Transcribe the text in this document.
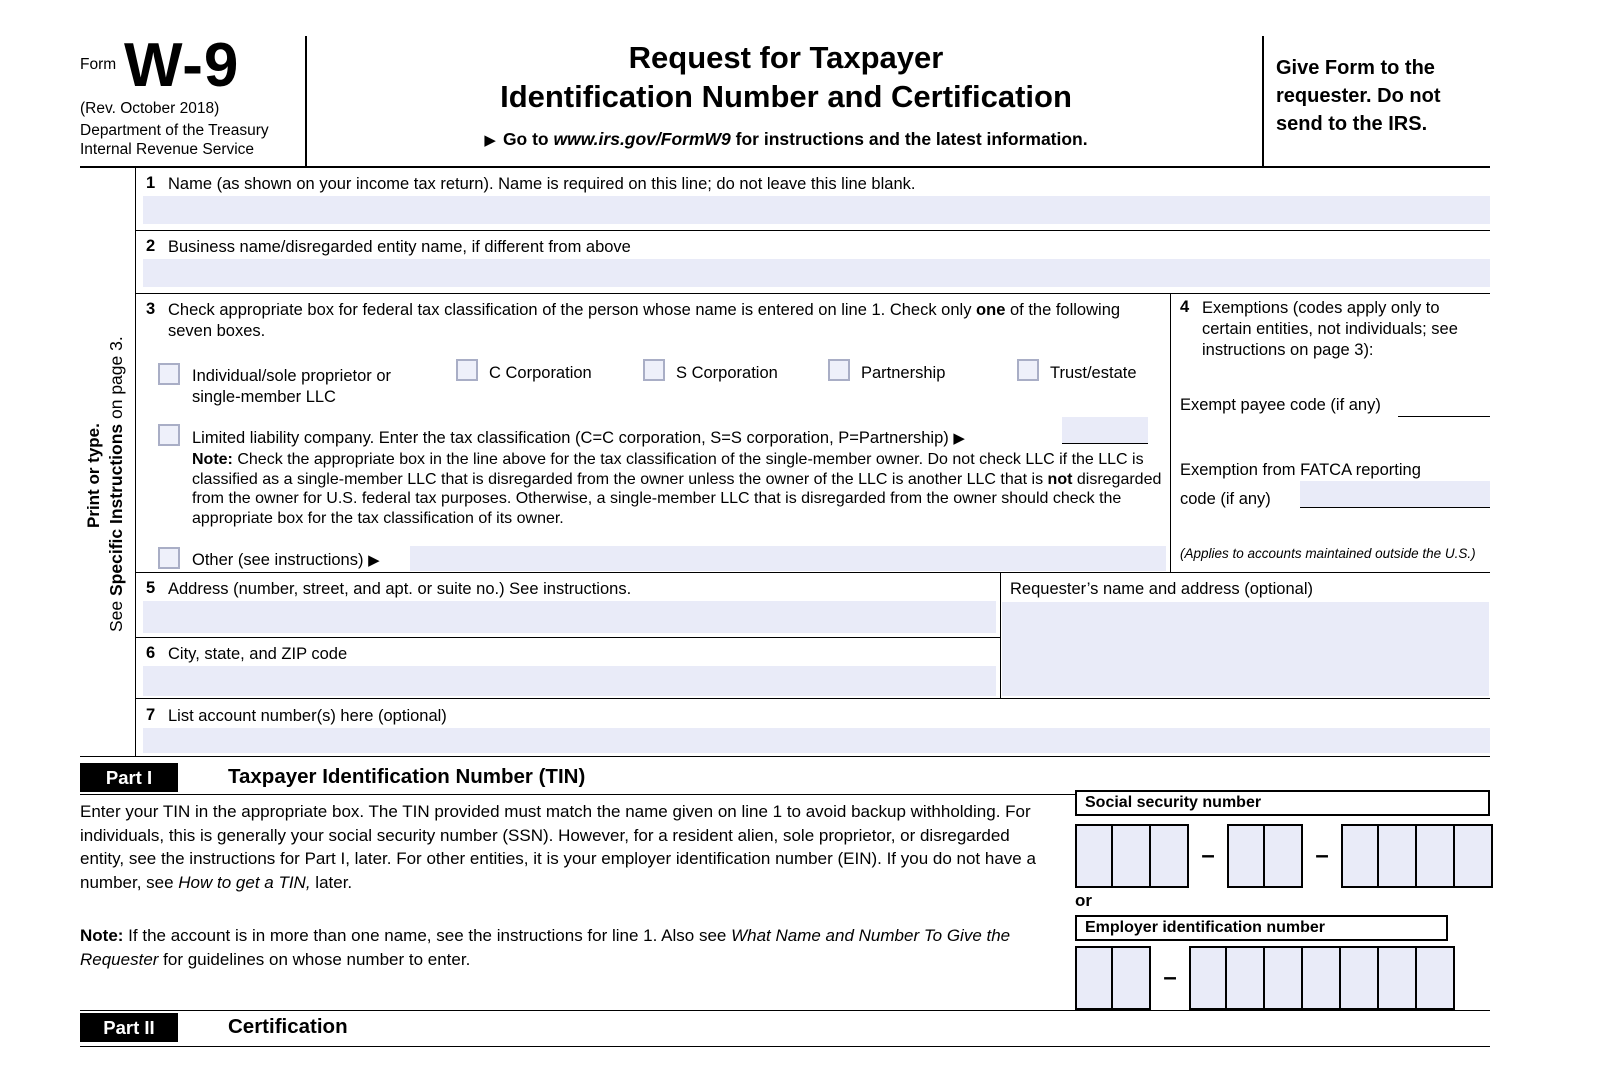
Form W-9
(Rev. October 2018)
Department of the Treasury
Internal Revenue Service
Request for Taxpayer
Identification Number and Certification
▶ Go to www.irs.gov/FormW9 for instructions and the latest information.
Give Form to the requester. Do not send to the IRS.
Print or type.
See Specific Instructions on page 3.
1 Name (as shown on your income tax return). Name is required on this line; do not leave this line blank.
2 Business name/disregarded entity name, if different from above
3 Check appropriate box for federal tax classification of the person whose name is entered on line 1. Check only one of the following seven boxes.
Individual/sole proprietor or single-member LLC
C Corporation	S Corporation	Partnership	Trust/estate
Limited liability company. Enter the tax classification (C=C corporation, S=S corporation, P=Partnership) ▶
Note: Check the appropriate box in the line above for the tax classification of the single-member owner. Do not check LLC if the LLC is classified as a single-member LLC that is disregarded from the owner unless the owner of the LLC is another LLC that is not disregarded from the owner for U.S. federal tax purposes. Otherwise, a single-member LLC that is disregarded from the owner should check the appropriate box for the tax classification of its owner.
Other (see instructions) ▶
4 Exemptions (codes apply only to certain entities, not individuals; see instructions on page 3):
Exempt payee code (if any)
Exemption from FATCA reporting
code (if any)
(Applies to accounts maintained outside the U.S.)
5 Address (number, street, and apt. or suite no.) See instructions.	Requester’s name and address (optional)
6 City, state, and ZIP code
7 List account number(s) here (optional)
Part I	Taxpayer Identification Number (TIN)
Enter your TIN in the appropriate box. The TIN provided must match the name given on line 1 to avoid backup withholding. For individuals, this is generally your social security number (SSN). However, for a resident alien, sole proprietor, or disregarded entity, see the instructions for Part I, later. For other entities, it is your employer identification number (EIN). If you do not have a number, see How to get a TIN, later.
Note: If the account is in more than one name, see the instructions for line 1. Also see What Name and Number To Give the Requester for guidelines on whose number to enter.
Social security number
–	–
or
Employer identification number
–
Part II	Certification
